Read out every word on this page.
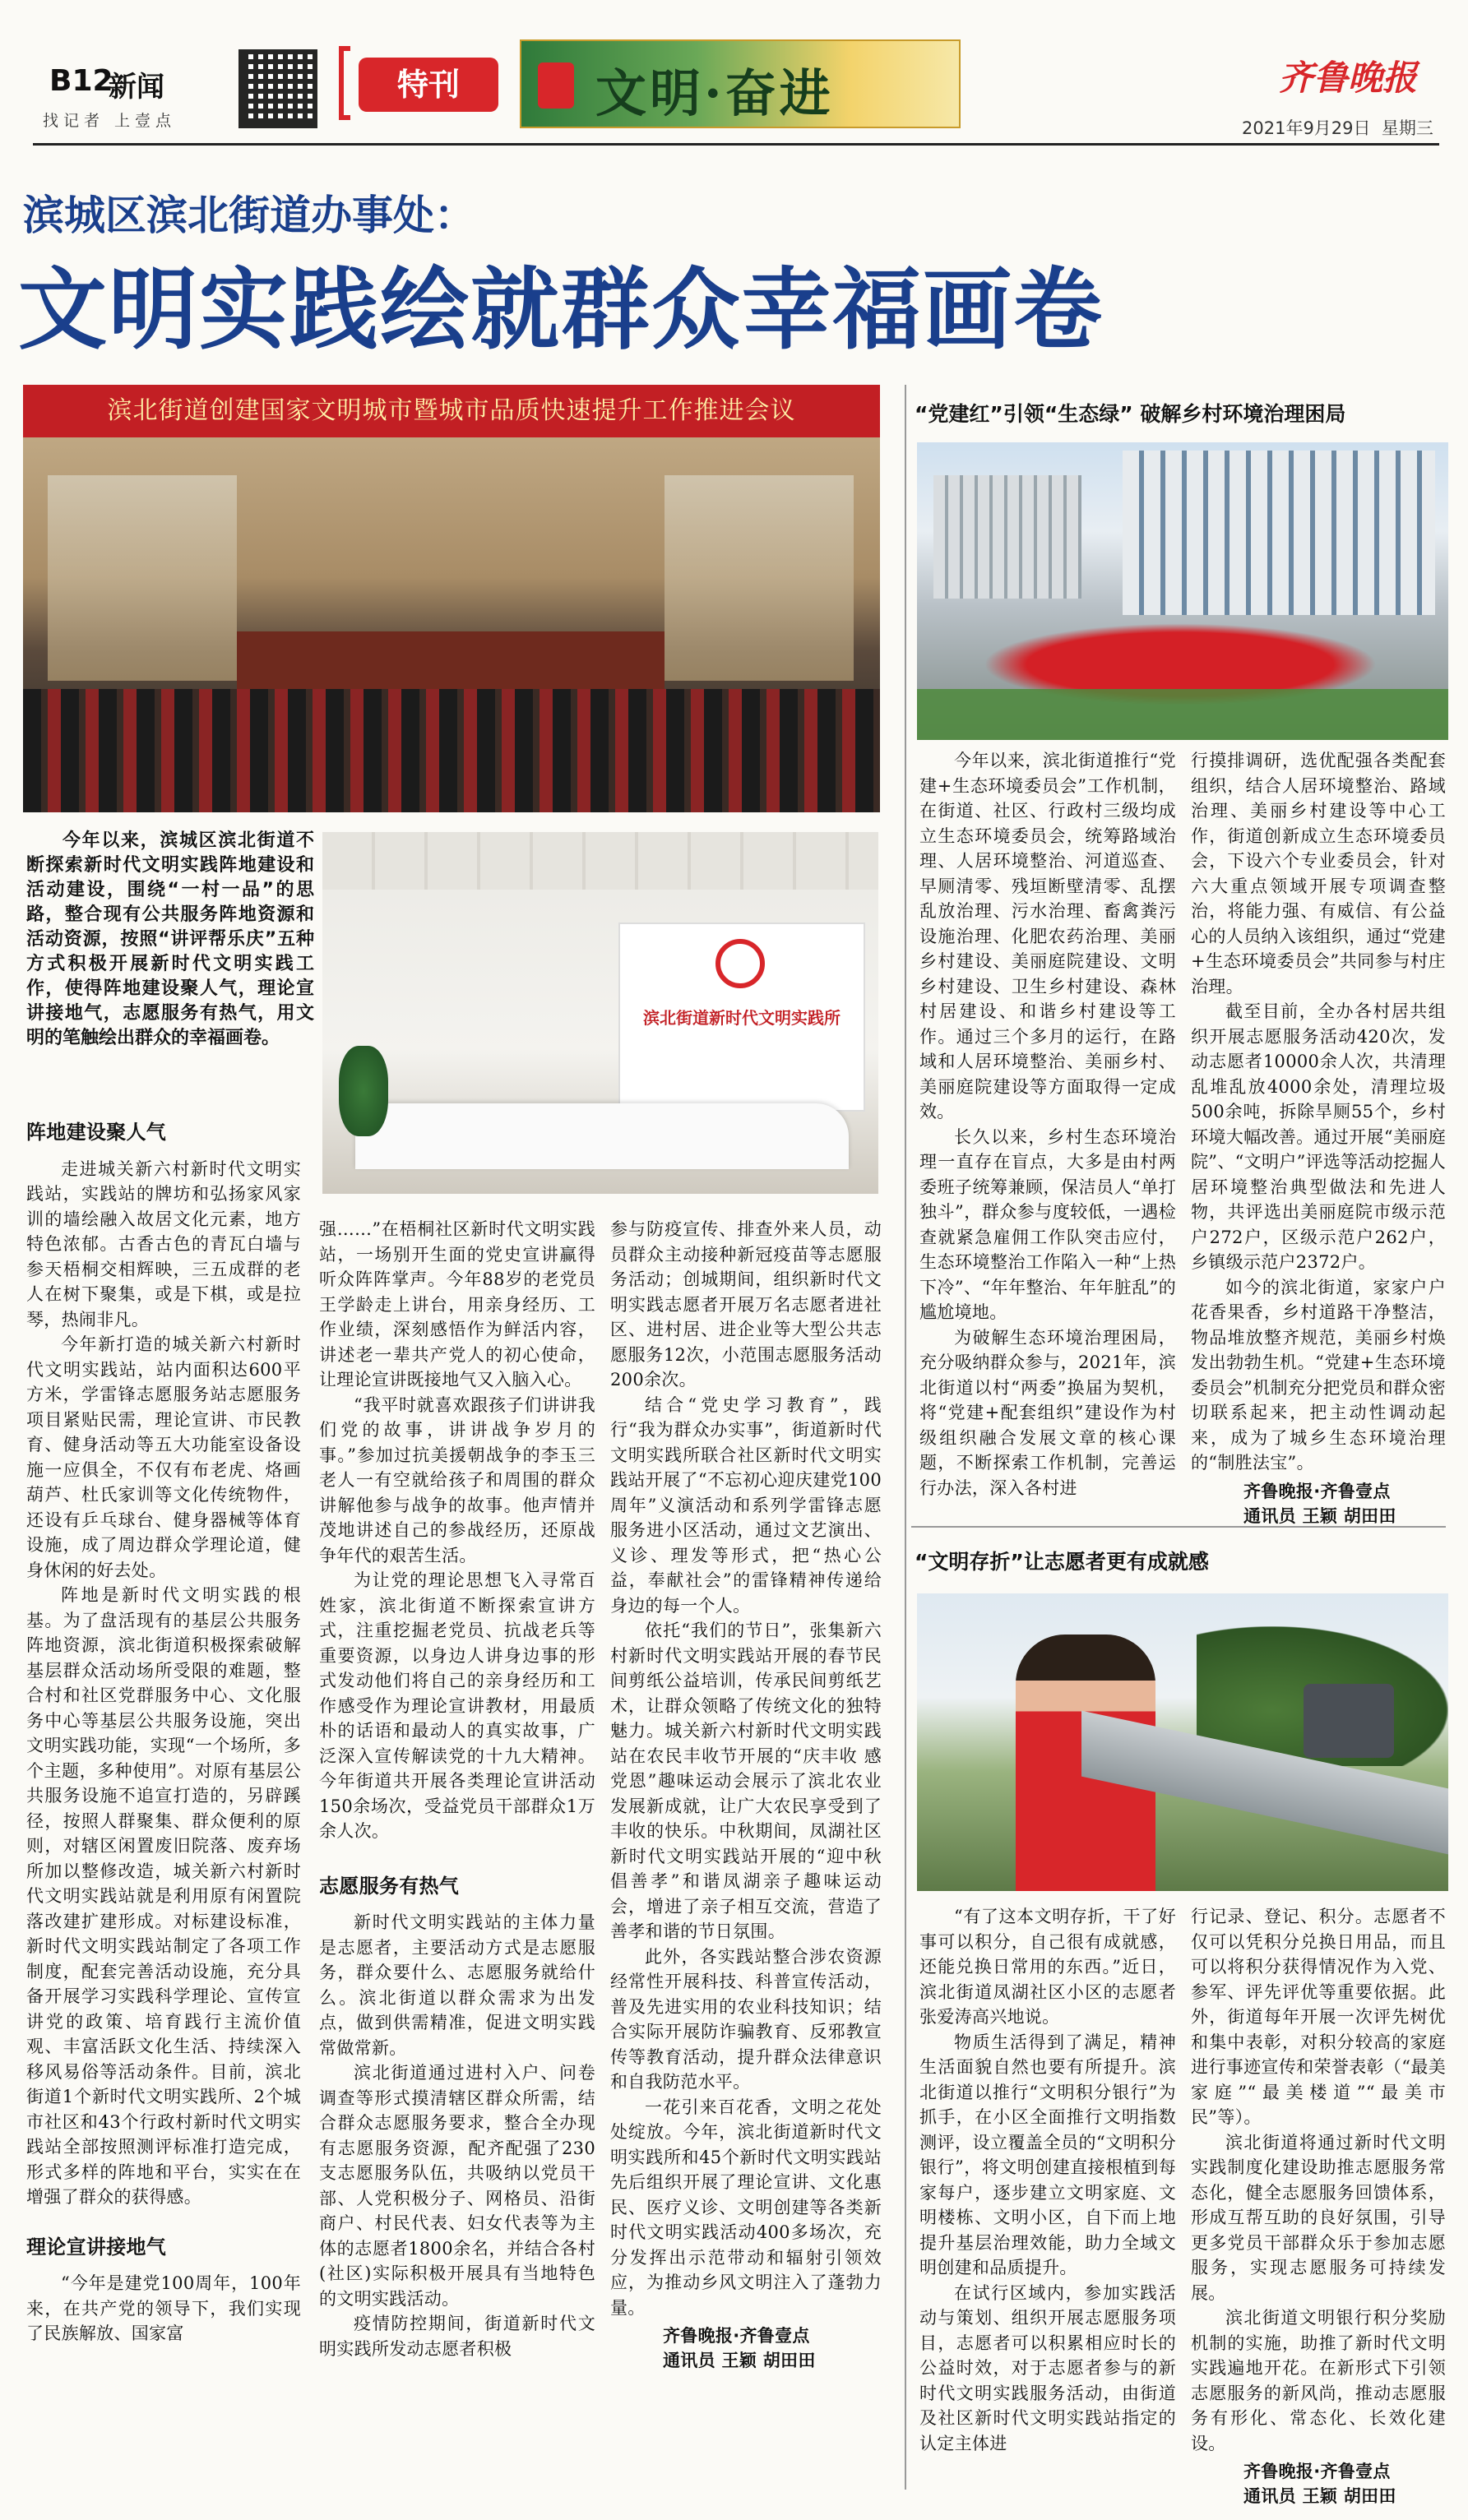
B12
新闻
找记者 上壹点
特刊	文明·奋进	齐鲁晚报
2021年9月29日 星期三
滨城区滨北街道办事处：
文明实践绘就群众幸福画卷
滨北街道创建国家文明城市暨城市品质快速提升工作推进会议

今年以来，滨城区滨北街道不断探索新时代文明实践阵地建设和活动建设，围绕“一村一品”的思路，整合现有公共服务阵地资源和活动资源，按照“讲评帮乐庆”五种方式积极开展新时代文明实践工作，使得阵地建设聚人气，理论宣讲接地气，志愿服务有热气，用文明的笔触绘出群众的幸福画卷。

滨北街道新时代文明实践所
阵地建设聚人气

走进城关新六村新时代文明实践站，实践站的牌坊和弘扬家风家训的墙绘融入故居文化元素，地方特色浓郁。古香古色的青瓦白墙与参天梧桐交相辉映，三五成群的老人在树下聚集，或是下棋，或是拉琴，热闹非凡。

今年新打造的城关新六村新时代文明实践站，站内面积达600平方米，学雷锋志愿服务站志愿服务项目紧贴民需，理论宣讲、市民教育、健身活动等五大功能室设备设施一应俱全，不仅有布老虎、烙画葫芦、杜氏家训等文化传统物件，还设有乒乓球台、健身器械等体育设施，成了周边群众学理论道，健身休闲的好去处。

阵地是新时代文明实践的根基。为了盘活现有的基层公共服务阵地资源，滨北街道积极探索破解基层群众活动场所受限的难题，整合村和社区党群服务中心、文化服务中心等基层公共服务设施，突出文明实践功能，实现“一个场所，多个主题，多种使用”。对原有基层公共服务设施不追宣打造的，另辟蹊径，按照人群聚集、群众便利的原则，对辖区闲置废旧院落、废弃场所加以整修改造，城关新六村新时代文明实践站就是利用原有闲置院落改建扩建形成。对标建设标准，新时代文明实践站制定了各项工作制度，配套完善活动设施，充分具备开展学习实践科学理论、宣传宣讲党的政策、培育践行主流价值观、丰富活跃文化生活、持续深入移风易俗等活动条件。目前，滨北街道1个新时代文明实践所、2个城市社区和43个行政村新时代文明实践站全部按照测评标准打造完成，形式多样的阵地和平台，实实在在增强了群众的获得感。

理论宣讲接地气

“今年是建党100周年，100年来，在共产党的领导下，我们实现了民族解放、国家富

强……”在梧桐社区新时代文明实践站，一场别开生面的党史宣讲赢得听众阵阵掌声。今年88岁的老党员王学龄走上讲台，用亲身经历、工作业绩，深刻感悟作为鲜活内容，讲述老一辈共产党人的初心使命，让理论宣讲既接地气又入脑入心。

“我平时就喜欢跟孩子们讲讲我们党的故事，讲讲战争岁月的事。”参加过抗美援朝战争的李玉三老人一有空就给孩子和周围的群众讲解他参与战争的故事。他声情并茂地讲述自己的参战经历，还原战争年代的艰苦生活。

为让党的理论思想飞入寻常百姓家，滨北街道不断探索宣讲方式，注重挖掘老党员、抗战老兵等重要资源，以身边人讲身边事的形式发动他们将自己的亲身经历和工作感受作为理论宣讲教材，用最质朴的话语和最动人的真实故事，广泛深入宣传解读党的十九大精神。今年街道共开展各类理论宣讲活动150余场次，受益党员干部群众1万余人次。

志愿服务有热气

新时代文明实践站的主体力量是志愿者，主要活动方式是志愿服务，群众要什么、志愿服务就给什么。滨北街道以群众需求为出发点，做到供需精准，促进文明实践常做常新。

滨北街道通过进村入户、问卷调查等形式摸清辖区群众所需，结合群众志愿服务要求，整合全办现有志愿服务资源，配齐配强了230支志愿服务队伍，共吸纳以党员干部、人党积极分子、网格员、沿街商户、村民代表、妇女代表等为主体的志愿者1800余名，并结合各村(社区)实际积极开展具有当地特色的文明实践活动。

疫情防控期间，街道新时代文明实践所发动志愿者积极

参与防疫宣传、排查外来人员，动员群众主动接种新冠疫苗等志愿服务活动；创城期间，组织新时代文明实践志愿者开展万名志愿者进社区、进村居、进企业等大型公共志愿服务12次，小范围志愿服务活动200余次。

结合“党史学习教育”，践行“我为群众办实事”，街道新时代文明实践所联合社区新时代文明实践站开展了“不忘初心迎庆建党100周年”义演活动和系列学雷锋志愿服务进小区活动，通过文艺演出、义诊、理发等形式，把“热心公益，奉献社会”的雷锋精神传递给身边的每一个人。

依托“我们的节日”，张集新六村新时代文明实践站开展的春节民间剪纸公益培训，传承民间剪纸艺术，让群众领略了传统文化的独特魅力。城关新六村新时代文明实践站在农民丰收节开展的“庆丰收 感党恩”趣味运动会展示了滨北农业发展新成就，让广大农民享受到了丰收的快乐。中秋期间，凤湖社区新时代文明实践站开展的“迎中秋 倡善孝”和谐凤湖亲子趣味运动会，增进了亲子相互交流，营造了善孝和谐的节日氛围。

此外，各实践站整合涉农资源经常性开展科技、科普宣传活动，普及先进实用的农业科技知识；结合实际开展防诈骗教育、反邪教宣传等教育活动，提升群众法律意识和自我防范水平。

一花引来百花香，文明之花处处绽放。今年，滨北街道新时代文明实践所和45个新时代文明实践站先后组织开展了理论宣讲、文化惠民、医疗义诊、文明创建等各类新时代文明实践活动400多场次，充分发挥出示范带动和辐射引领效应，为推动乡风文明注入了蓬勃力量。

齐鲁晚报·齐鲁壹点
通讯员 王颖 胡田田
“党建红”引领“生态绿” 破解乡村环境治理困局

今年以来，滨北街道推行“党建+生态环境委员会”工作机制，在街道、社区、行政村三级均成立生态环境委员会，统筹路域治理、人居环境整治、河道巡查、早厕清零、残垣断壁清零、乱摆乱放治理、污水治理、畜禽粪污设施治理、化肥农药治理、美丽乡村建设、美丽庭院建设、文明乡村建设、卫生乡村建设、森林村居建设、和谐乡村建设等工作。通过三个多月的运行，在路域和人居环境整治、美丽乡村、美丽庭院建设等方面取得一定成效。

长久以来，乡村生态环境治理一直存在盲点，大多是由村两委班子统筹兼顾，保洁员人“单打独斗”，群众参与度较低，一遇检查就紧急雇佣工作队突击应付，生态环境整治工作陷入一种“上热下冷”、“年年整治、年年脏乱”的尴尬境地。

为破解生态环境治理困局，充分吸纳群众参与，2021年，滨北街道以村“两委”换届为契机，将“党建+配套组织”建设作为村级组织融合发展文章的核心课题，不断探索工作机制，完善运行办法，深入各村进

行摸排调研，选优配强各类配套组织，结合人居环境整治、路域治理、美丽乡村建设等中心工作，街道创新成立生态环境委员会，下设六个专业委员会，针对六大重点领域开展专项调查整治，将能力强、有威信、有公益心的人员纳入该组织，通过“党建+生态环境委员会”共同参与村庄治理。

截至目前，全办各村居共组织开展志愿服务活动420次，发动志愿者10000余人次，共清理乱堆乱放4000余处，清理垃圾500余吨，拆除旱厕55个，乡村环境大幅改善。通过开展“美丽庭院”、“文明户”评选等活动挖掘人居环境整治典型做法和先进人物，共评选出美丽庭院市级示范户272户，区级示范户262户，乡镇级示范户2372户。

如今的滨北街道，家家户户花香果香，乡村道路干净整洁，物品堆放整齐规范，美丽乡村焕发出勃勃生机。“党建+生态环境委员会”机制充分把党员和群众密切联系起来，把主动性调动起来，成为了城乡生态环境治理的“制胜法宝”。

齐鲁晚报·齐鲁壹点
通讯员 王颖 胡田田
“文明存折”让志愿者更有成就感

“有了这本文明存折，干了好事可以积分，自己很有成就感，还能兑换日常用的东西。”近日，滨北街道凤湖社区小区的志愿者张爱涛高兴地说。

物质生活得到了满足，精神生活面貌自然也要有所提升。滨北街道以推行“文明积分银行”为抓手，在小区全面推行文明指数测评，设立覆盖全员的“文明积分银行”，将文明创建直接根植到每家每户，逐步建立文明家庭、文明楼栋、文明小区，自下而上地提升基层治理效能，助力全域文明创建和品质提升。

在试行区域内，参加实践活动与策划、组织开展志愿服务项目，志愿者可以积累相应时长的公益时效，对于志愿者参与的新时代文明实践服务活动，由街道及社区新时代文明实践站指定的认定主体进

行记录、登记、积分。志愿者不仅可以凭积分兑换日用品，而且可以将积分获得情况作为入党、参军、评先评优等重要依据。此外，街道每年开展一次评先树优和集中表彰，对积分较高的家庭进行事迹宣传和荣誉表彰（“最美家庭”“最美楼道”“最美市民”等）。

滨北街道将通过新时代文明实践制度化建设助推志愿服务常态化，健全志愿服务回馈体系，形成互帮互助的良好氛围，引导更多党员干部群众乐于参加志愿服务，实现志愿服务可持续发展。

滨北街道文明银行积分奖励机制的实施，助推了新时代文明实践遍地开花。在新形式下引领志愿服务的新风尚，推动志愿服务有形化、常态化、长效化建设。

齐鲁晚报·齐鲁壹点
通讯员 王颖 胡田田
